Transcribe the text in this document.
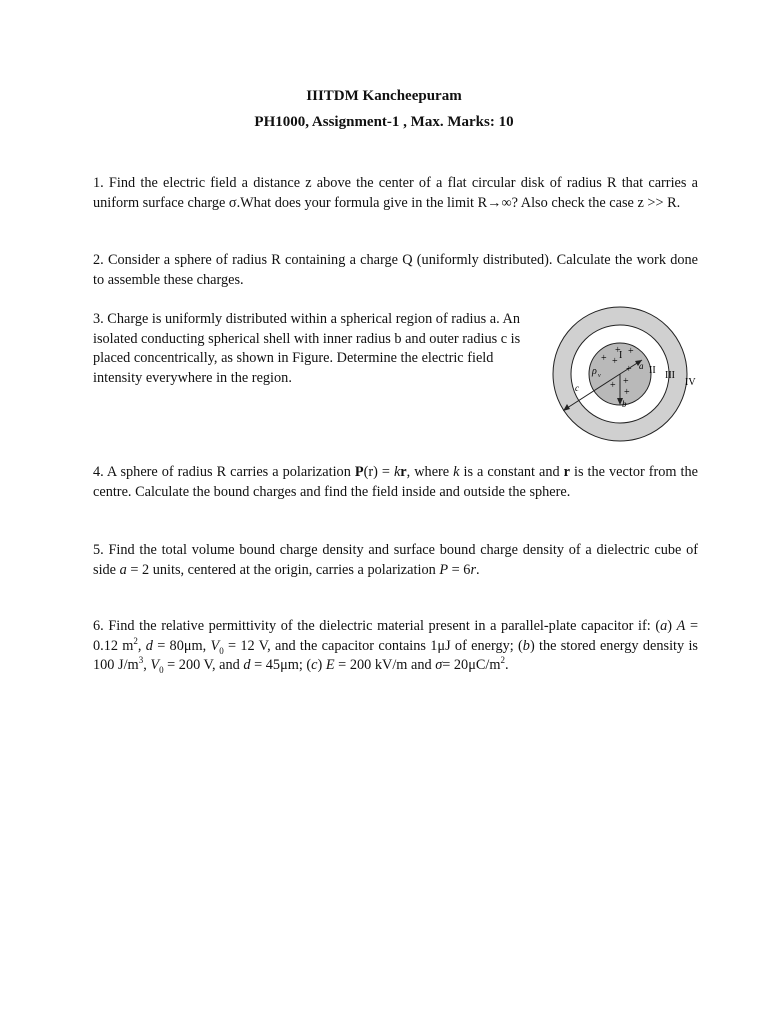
IIITDM Kancheepuram
PH1000, Assignment-1 , Max. Marks: 10
1. Find the electric field a distance z above the center of a flat circular disk of radius R that carries a uniform surface charge σ.What does your formula give in the limit R→∞? Also check the case z >> R.
2. Consider a sphere of radius R containing a charge Q (uniformly distributed). Calculate the work done to assemble these charges.
3. Charge is uniformly distributed within a spherical region of radius a. An isolated conducting spherical shell with inner radius b and outer radius c is placed concentrically, as shown in Figure. Determine the electric field intensity everywhere in the region.
+
+ +
+
+
+ +
+
I
ρ v
a
b
c
II III
IV
4. A sphere of radius R carries a polarization P(r) = kr, where k is a constant and r is the vector from the centre. Calculate the bound charges and find the field inside and outside the sphere.
5. Find the total volume bound charge density and surface bound charge density of a dielectric cube of side a = 2 units, centered at the origin, carries a polarization P = 6r.
6. Find the relative permittivity of the dielectric material present in a parallel-plate capacitor if: (a) A = 0.12 $m^2$, d = 80μm, $V_0 = 12$ V, and the capacitor contains 1μJ of energy; (b) the stored energy density is 100 $J/m^3$, $V_0 = 200$ V, and d = 45μm; (c) E = 200 kV/m and $\sigma= 20\mu C/m^2$.
